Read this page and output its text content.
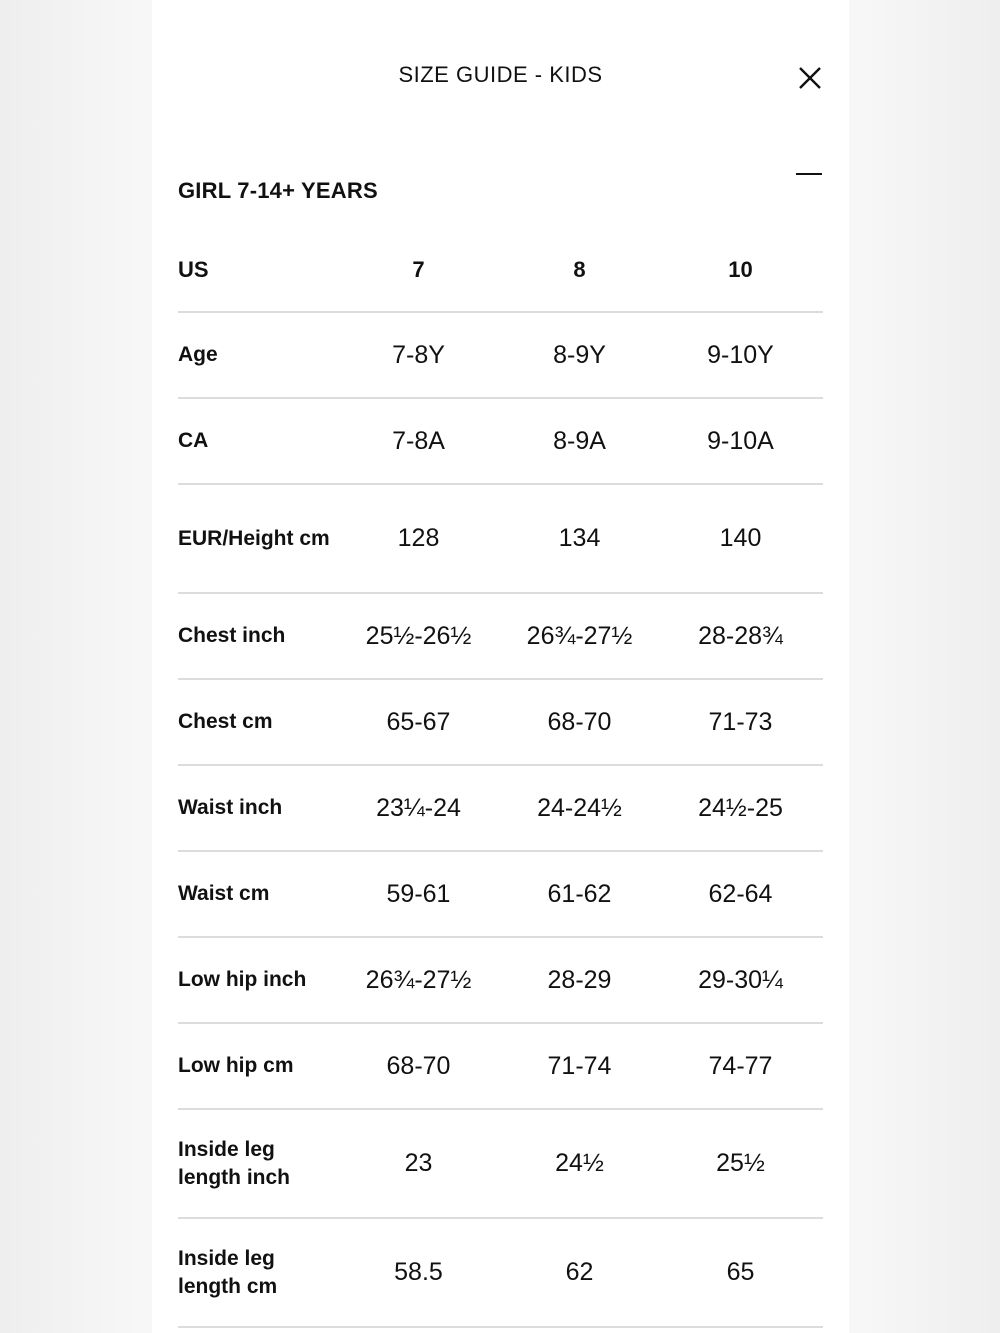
SIZE GUIDE - KIDS
GIRL 7-14+ YEARS
US	7	8	10
Age	7-8Y	8-9Y	9-10Y
CA	7-8A	8-9A	9-10A
EUR/Height cm	128	134	140
Chest inch	25½-26½	26¾-27½	28-28¾
Chest cm	65-67	68-70	71-73
Waist inch	23¼-24	24-24½	24½-25
Waist cm	59-61	61-62	62-64
Low hip inch	26¾-27½	28-29	29-30¼
Low hip cm	68-70	71-74	74-77
Inside leg length inch	23	24½	25½
Inside leg length cm	58.5	62	65
